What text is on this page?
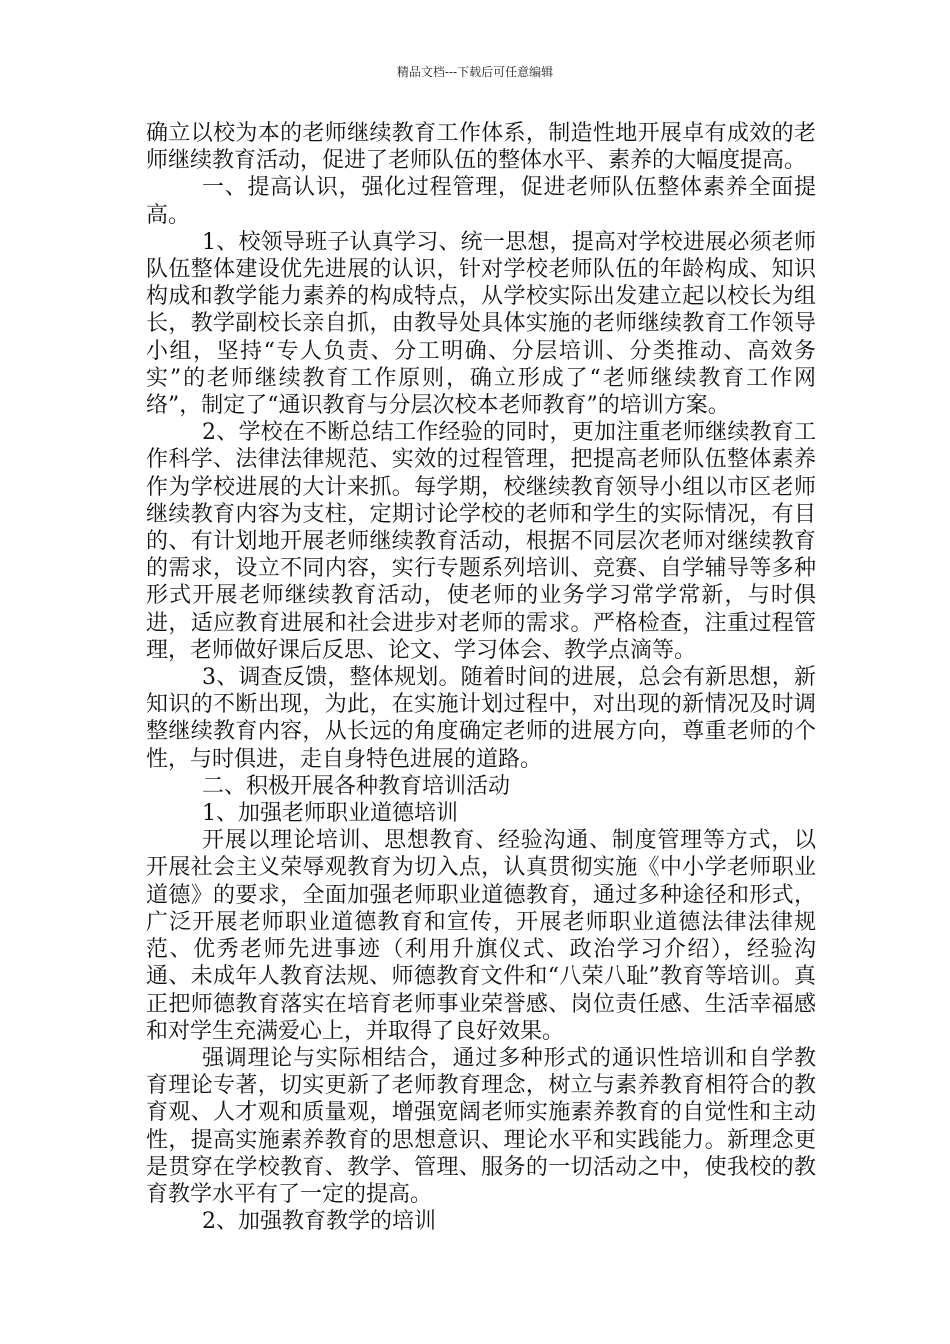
精品文档---下载后可任意编辑

确立以校为本的老师继续教育工作体系，制造性地开展卓有成效的老师继续教育活动，促进了老师队伍的整体水平、素养的大幅度提高。

一、提高认识，强化过程管理，促进老师队伍整体素养全面提高。

1、校领导班子认真学习、统一思想，提高对学校进展必须老师队伍整体建设优先进展的认识，针对学校老师队伍的年龄构成、知识构成和教学能力素养的构成特点，从学校实际出发建立起以校长为组长，教学副校长亲自抓，由教导处具体实施的老师继续教育工作领导小组，坚持“专人负责、分工明确、分层培训、分类推动、高效务实”的老师继续教育工作原则，确立形成了“老师继续教育工作网络”，制定了“通识教育与分层次校本老师教育”的培训方案。

2、学校在不断总结工作经验的同时，更加注重老师继续教育工作科学、法律法律规范、实效的过程管理，把提高老师队伍整体素养作为学校进展的大计来抓。每学期，校继续教育领导小组以市区老师继续教育内容为支柱，定期讨论学校的老师和学生的实际情况，有目的、有计划地开展老师继续教育活动，根据不同层次老师对继续教育的需求，设立不同内容，实行专题系列培训、竞赛、自学辅导等多种形式开展老师继续教育活动，使老师的业务学习常学常新，与时俱进，适应教育进展和社会进步对老师的需求。严格检查，注重过程管理，老师做好课后反思、论文、学习体会、教学点滴等。

3、调查反馈，整体规划。随着时间的进展，总会有新思想，新知识的不断出现，为此，在实施计划过程中，对出现的新情况及时调整继续教育内容，从长远的角度确定老师的进展方向，尊重老师的个性，与时俱进，走自身特色进展的道路。

二、积极开展各种教育培训活动

1、加强老师职业道德培训

开展以理论培训、思想教育、经验沟通、制度管理等方式，以开展社会主义荣辱观教育为切入点，认真贯彻实施《中小学老师职业道德》的要求，全面加强老师职业道德教育，通过多种途径和形式，广泛开展老师职业道德教育和宣传，开展老师职业道德法律法律规范、优秀老师先进事迹（利用升旗仪式、政治学习介绍），经验沟通、未成年人教育法规、师德教育文件和“八荣八耻”教育等培训。真正把师德教育落实在培育老师事业荣誉感、岗位责任感、生活幸福感和对学生充满爱心上，并取得了良好效果。

强调理论与实际相结合，通过多种形式的通识性培训和自学教育理论专著，切实更新了老师教育理念，树立与素养教育相符合的教育观、人才观和质量观，增强宽阔老师实施素养教育的自觉性和主动性，提高实施素养教育的思想意识、理论水平和实践能力。新理念更是贯穿在学校教育、教学、管理、服务的一切活动之中，使我校的教育教学水平有了一定的提高。

2、加强教育教学的培训
